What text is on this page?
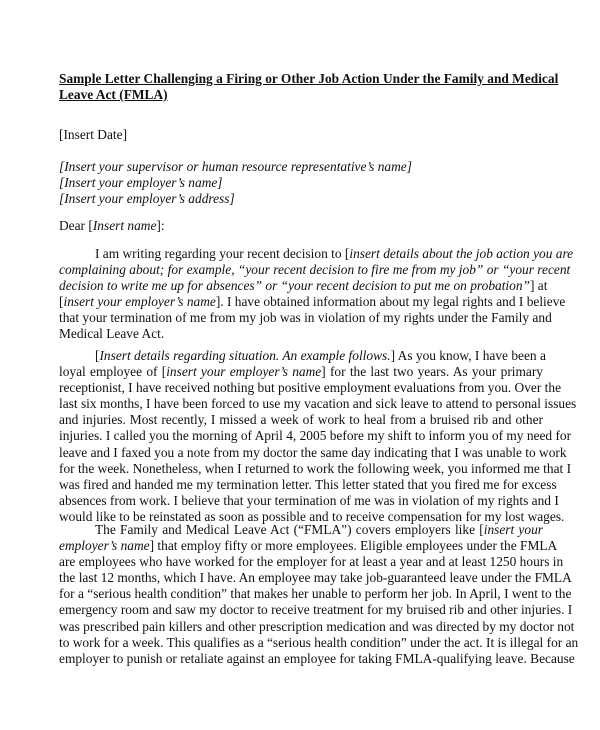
Sample Letter Challenging a Firing or Other Job Action Under the Family and Medical
Leave Act (FMLA)
[Insert Date]
[Insert your supervisor or human resource representative’s name]
[Insert your employer’s name]
[Insert your employer’s address]
Dear [Insert name]:
I am writing regarding your recent decision to [insert details about the job action you are
complaining about; for example, “your recent decision to fire me from my job” or “your recent
decision to write me up for absences” or “your recent decision to put me on probation”] at
[insert your employer’s name]. I have obtained information about my legal rights and I believe
that your termination of me from my job was in violation of my rights under the Family and
Medical Leave Act.
[Insert details regarding situation. An example follows.] As you know, I have been a
loyal employee of [insert your employer’s name] for the last two years. As your primary
receptionist, I have received nothing but positive employment evaluations from you. Over the
last six months, I have been forced to use my vacation and sick leave to attend to personal issues
and injuries. Most recently, I missed a week of work to heal from a bruised rib and other
injuries. I called you the morning of April 4, 2005 before my shift to inform you of my need for
leave and I faxed you a note from my doctor the same day indicating that I was unable to work
for the week. Nonetheless, when I returned to work the following week, you informed me that I
was fired and handed me my termination letter. This letter stated that you fired me for excess
absences from work. I believe that your termination of me was in violation of my rights and I
would like to be reinstated as soon as possible and to receive compensation for my lost wages.
The Family and Medical Leave Act (“FMLA”) covers employers like [insert your
employer’s name] that employ fifty or more employees. Eligible employees under the FMLA
are employees who have worked for the employer for at least a year and at least 1250 hours in
the last 12 months, which I have. An employee may take job-guaranteed leave under the FMLA
for a “serious health condition” that makes her unable to perform her job. In April, I went to the
emergency room and saw my doctor to receive treatment for my bruised rib and other injuries. I
was prescribed pain killers and other prescription medication and was directed by my doctor not
to work for a week. This qualifies as a “serious health condition” under the act. It is illegal for an
employer to punish or retaliate against an employee for taking FMLA-qualifying leave. Because
